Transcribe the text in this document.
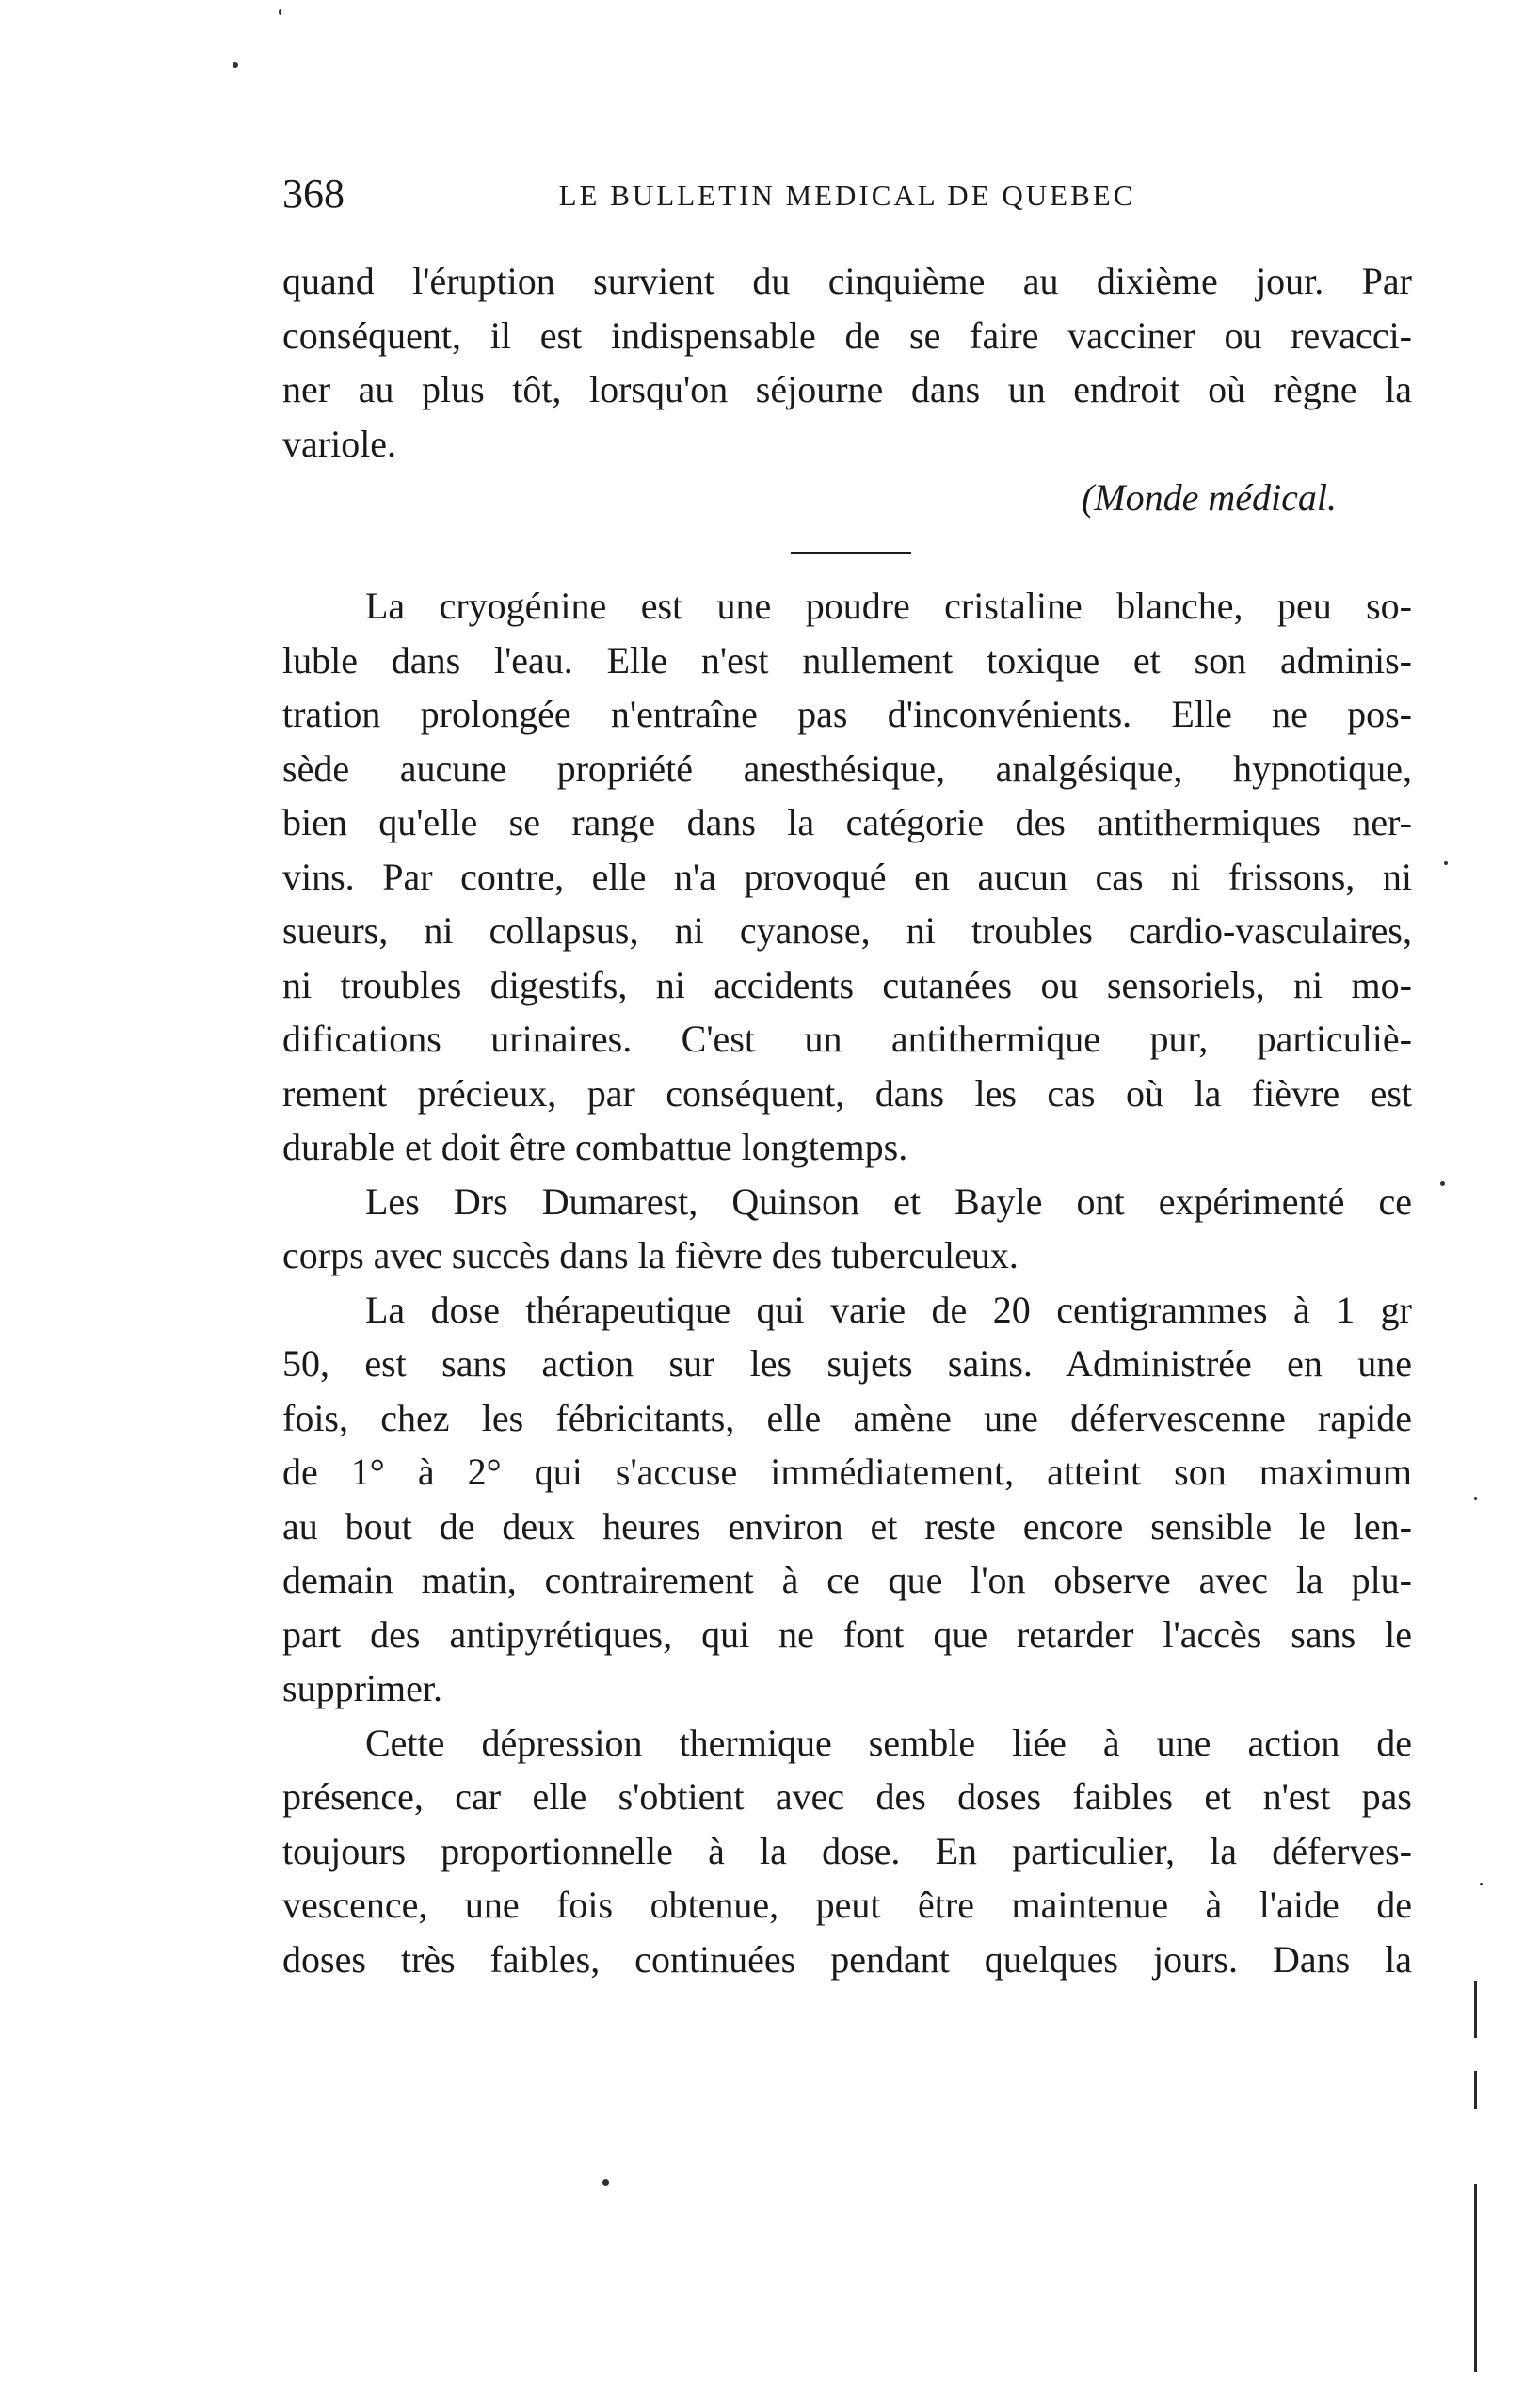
368	LE BULLETIN MEDICAL DE QUEBEC
quand l'éruption survient du cinquième au dixième jour. Par
conséquent, il est indispensable de se faire vacciner ou revacci-
ner au plus tôt, lorsqu'on séjourne dans un endroit où règne la
variole.
(Monde médical.
La cryogénine est une poudre cristaline blanche, peu so-
luble dans l'eau. Elle n'est nullement toxique et son adminis-
tration prolongée n'entraîne pas d'inconvénients. Elle ne pos-
sède aucune propriété anesthésique, analgésique, hypnotique,
bien qu'elle se range dans la catégorie des antithermiques ner-
vins. Par contre, elle n'a provoqué en aucun cas ni frissons, ni
sueurs, ni collapsus, ni cyanose, ni troubles cardio-vasculaires,
ni troubles digestifs, ni accidents cutanées ou sensoriels, ni mo-
difications urinaires. C'est un antithermique pur, particuliè-
rement précieux, par conséquent, dans les cas où la fièvre est
durable et doit être combattue longtemps.
Les Drs Dumarest, Quinson et Bayle ont expérimenté ce
corps avec succès dans la fièvre des tuberculeux.
La dose thérapeutique qui varie de 20 centigrammes à 1 gr
50, est sans action sur les sujets sains. Administrée en une
fois, chez les fébricitants, elle amène une défervescenne rapide
de 1° à 2° qui s'accuse immédiatement, atteint son maximum
au bout de deux heures environ et reste encore sensible le len-
demain matin, contrairement à ce que l'on observe avec la plu-
part des antipyrétiques, qui ne font que retarder l'accès sans le
supprimer.
Cette dépression thermique semble liée à une action de
présence, car elle s'obtient avec des doses faibles et n'est pas
toujours proportionnelle à la dose. En particulier, la déferves-
vescence, une fois obtenue, peut être maintenue à l'aide de
doses très faibles, continuées pendant quelques jours. Dans la
